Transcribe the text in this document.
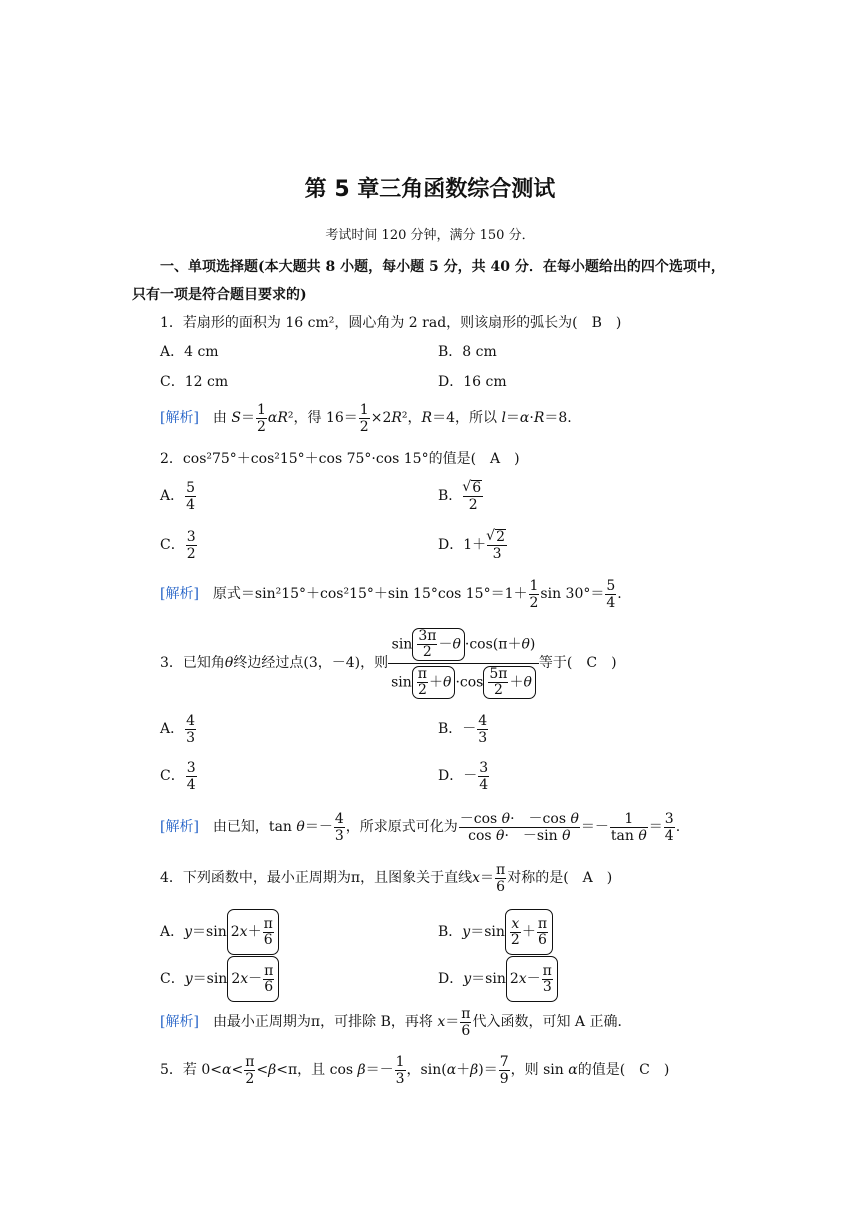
第 5 章三角函数综合测试
考试时间 120 分钟，满分 150 分．
一、单项选择题(本大题共 8 小题，每小题 5 分，共 40 分．在每小题给出的四个选项中，
只有一项是符合题目要求的)
1．若扇形的面积为 16 cm²，圆心角为 2 rad，则该扇形的弧长为(　B　)
A．4 cm	B．8 cm
C．12 cm	D．16 cm
[解析]　由 $S= \frac{1}{2} \alpha R^2$，得 $16= \frac{1}{2} \times 2R^2$，R＝4，所以 l＝α·R＝8.
2．cos²75°＋cos²15°＋cos 75°·cos 15°的值是(　A　)
A． $\frac{5}{4}$	B． √ $\frac{6}{2}$
C． $\frac{3}{2}$	D．1＋ √ $\frac{2}{3}$
[解析]　原式＝sin²15°＋cos²15°＋sin 15°cos $15^\circ=1+ \frac{1}{2}$ $\sin 30^\circ= \frac{5}{4}$ .
3．已知角θ终边经过点(3，－4)，则 $\frac{\sin \frac{3\pi}{2} -\theta \cdot\cos(\pi+\theta)}{\sin \frac{\pi}{2} +\theta \cdot\cos \frac{5\pi}{2} +\theta}$ 等于(　C　)
A． $\frac{4}{3}$	B．－ $\frac{4}{3}$
C． $\frac{3}{4}$	D．－ $\frac{3}{4}$
[解析]　由已知，$\tan \theta=- \frac{4}{3}$ ，所求原式可化为 $\frac{\text{－cos θ·　－cos θ}}{\text{cos θ·　－sin θ}} =- \frac{1}{\text{tan θ}} = \frac{3}{4}$ .
4．下列函数中，最小正周期为π，且图象关于直线$x= \frac{\pi}{6}$ 对称的是(　A　)
A．y＝sin $2x+ \frac{\pi}{6}$	B．$y=\sin \frac{x}{2} + \frac{\pi}{6}$
C．y＝sin $2x- \frac{\pi}{6}$	D．y＝sin $2x- \frac{\pi}{3}$
[解析]　 由最小正周期为π，可排除 B，再将 $x= \frac{\pi}{6}$ 代入函数，可知 A 正确．
5．若 $0<\alpha< \frac{\pi}{2} <\beta<\pi$，且 $\cos \beta=- \frac{1}{3}$ ，$\sin(\alpha+\beta)= \frac{7}{9}$ ，则 sin α的值是(　C　)
